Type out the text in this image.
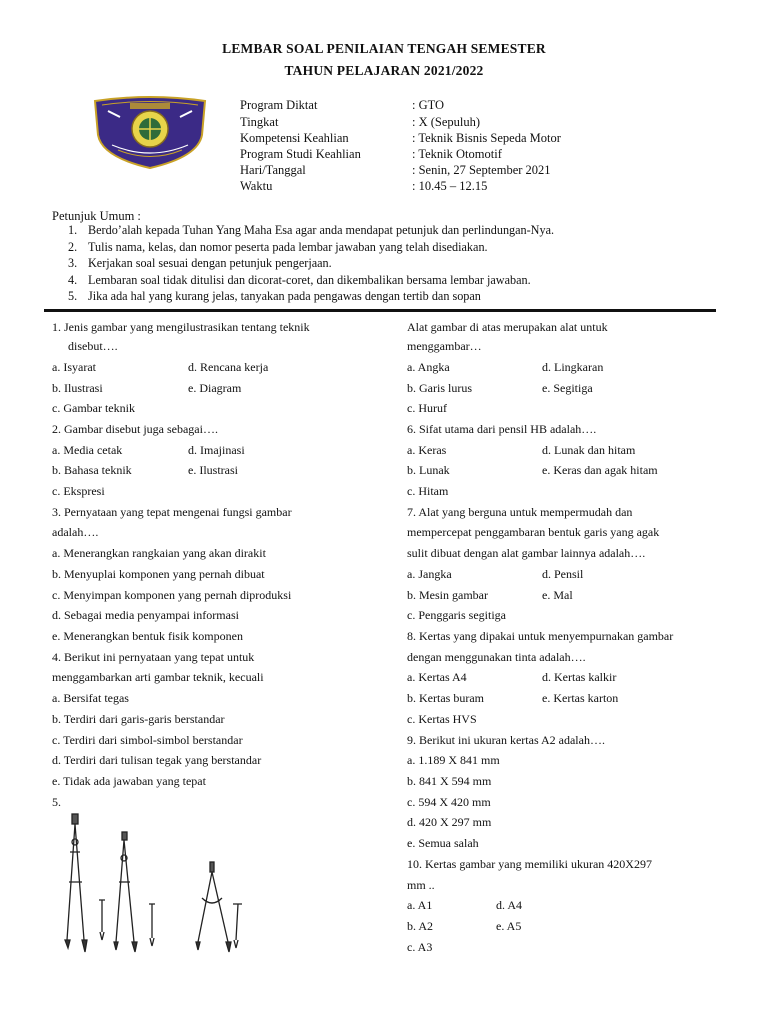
LEMBAR SOAL PENILAIAN TENGAH SEMESTER
TAHUN PELAJARAN 2021/2022
Program Diktat	: GTO
Tingkat	: X (Sepuluh)
Kompetensi Keahlian	: Teknik Bisnis Sepeda Motor
Program Studi Keahlian	: Teknik Otomotif
Hari/Tanggal	: Senin, 27 September 2021
Waktu	: 10.45 – 12.15
Petunjuk Umum :
1. Berdo’alah kepada Tuhan Yang Maha Esa agar anda mendapat petunjuk dan perlindungan-Nya.
2. Tulis nama, kelas, dan nomor peserta pada lembar jawaban yang telah disediakan.
3. Kerjakan soal sesuai dengan petunjuk pengerjaan.
4. Lembaran soal tidak ditulisi dan dicorat-coret, dan dikembalikan bersama lembar jawaban.
5. Jika ada hal yang kurang jelas, tanyakan pada pengawas dengan tertib dan sopan
1. Jenis gambar yang mengilustrasikan tentang teknik
disebut….
a. Isyarat	d. Rencana kerja
b. Ilustrasi	e. Diagram
c. Gambar teknik
2. Gambar disebut juga sebagai….
a. Media cetak	d. Imajinasi
b. Bahasa teknik	e. Ilustrasi
c. Ekspresi
3. Pernyataan yang tepat mengenai fungsi gambar
adalah….
a. Menerangkan rangkaian yang akan dirakit
b. Menyuplai komponen yang pernah dibuat
c. Menyimpan komponen yang pernah diproduksi
d. Sebagai media penyampai informasi
e. Menerangkan bentuk fisik komponen
4. Berikut ini pernyataan yang tepat untuk
menggambarkan arti gambar teknik, kecuali
a. Bersifat tegas
b. Terdiri dari garis-garis berstandar
c. Terdiri dari simbol-simbol berstandar
d. Terdiri dari tulisan tegak yang berstandar
e. Tidak ada jawaban yang tepat
5.
Alat gambar di atas merupakan alat untuk
menggambar…
a. Angka	d. Lingkaran
b. Garis lurus	e. Segitiga
c. Huruf
6. Sifat utama dari pensil HB adalah….
a. Keras	d. Lunak dan hitam
b. Lunak	e. Keras dan agak hitam
c. Hitam
7. Alat yang berguna untuk mempermudah dan
mempercepat penggambaran bentuk garis yang agak
sulit dibuat dengan alat gambar lainnya adalah….
a. Jangka	d. Pensil
b. Mesin gambar	e. Mal
c. Penggaris segitiga
8. Kertas yang dipakai untuk menyempurnakan gambar
dengan menggunakan tinta adalah….
a. Kertas A4	d. Kertas kalkir
b. Kertas buram	e. Kertas karton
c. Kertas HVS
9. Berikut ini ukuran kertas A2 adalah….
a. 1.189 X 841 mm
b. 841 X 594 mm
c. 594 X 420 mm
d. 420 X 297 mm
e. Semua salah
10. Kertas gambar yang memiliki ukuran 420X297
mm ..
a. A1	d. A4
b. A2	e. A5
c. A3
